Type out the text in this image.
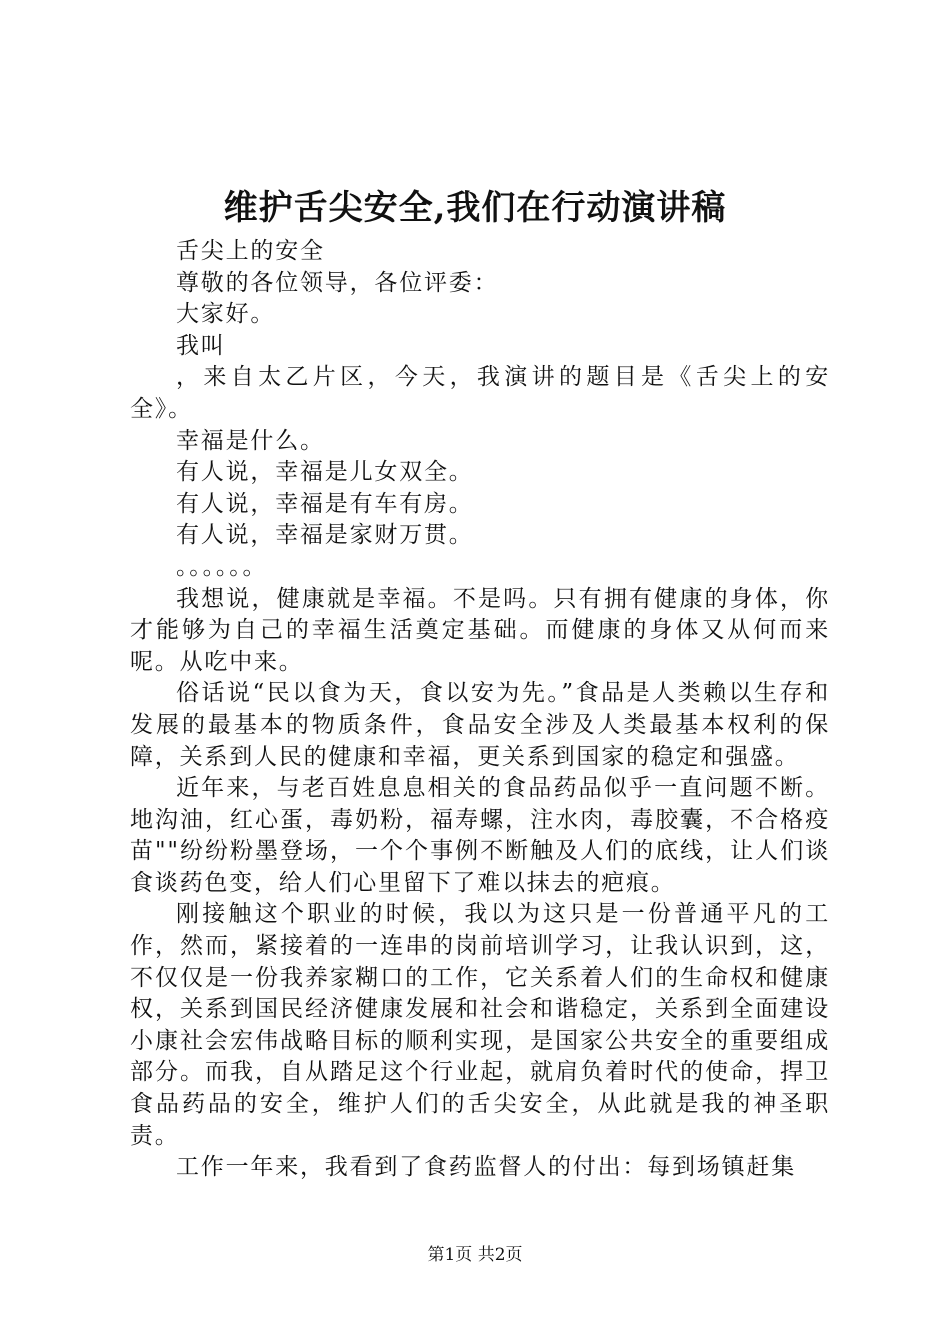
维护舌尖安全,我们在行动演讲稿

舌尖上的安全

尊敬的各位领导，各位评委：

大家好。

我叫

，来自太乙片区，今天，我演讲的题目是《舌尖上的安全》。

幸福是什么。

有人说，幸福是儿女双全。

有人说，幸福是有车有房。

有人说，幸福是家财万贯。

。。。。。。

我想说，健康就是幸福。不是吗。只有拥有健康的身体，你才能够为自己的幸福生活奠定基础。而健康的身体又从何而来呢。从吃中来。

俗话说“民以食为天，食以安为先。”食品是人类赖以生存和发展的最基本的物质条件，食品安全涉及人类最基本权利的保障，关系到人民的健康和幸福，更关系到国家的稳定和强盛。

近年来，与老百姓息息相关的食品药品似乎一直问题不断。地沟油，红心蛋，毒奶粉，福寿螺，注水肉，毒胶囊，不合格疫苗""纷纷粉墨登场，一个个事例不断触及人们的底线，让人们谈食谈药色变，给人们心里留下了难以抹去的疤痕。

刚接触这个职业的时候，我以为这只是一份普通平凡的工作，然而，紧接着的一连串的岗前培训学习，让我认识到，这，不仅仅是一份我养家糊口的工作，它关系着人们的生命权和健康权，关系到国民经济健康发展和社会和谐稳定，关系到全面建设小康社会宏伟战略目标的顺利实现，是国家公共安全的重要组成部分。而我，自从踏足这个行业起，就肩负着时代的使命，捍卫食品药品的安全，维护人们的舌尖安全，从此就是我的神圣职责。

工作一年来，我看到了食药监督人的付出：每到场镇赶集

第1页 共2页
